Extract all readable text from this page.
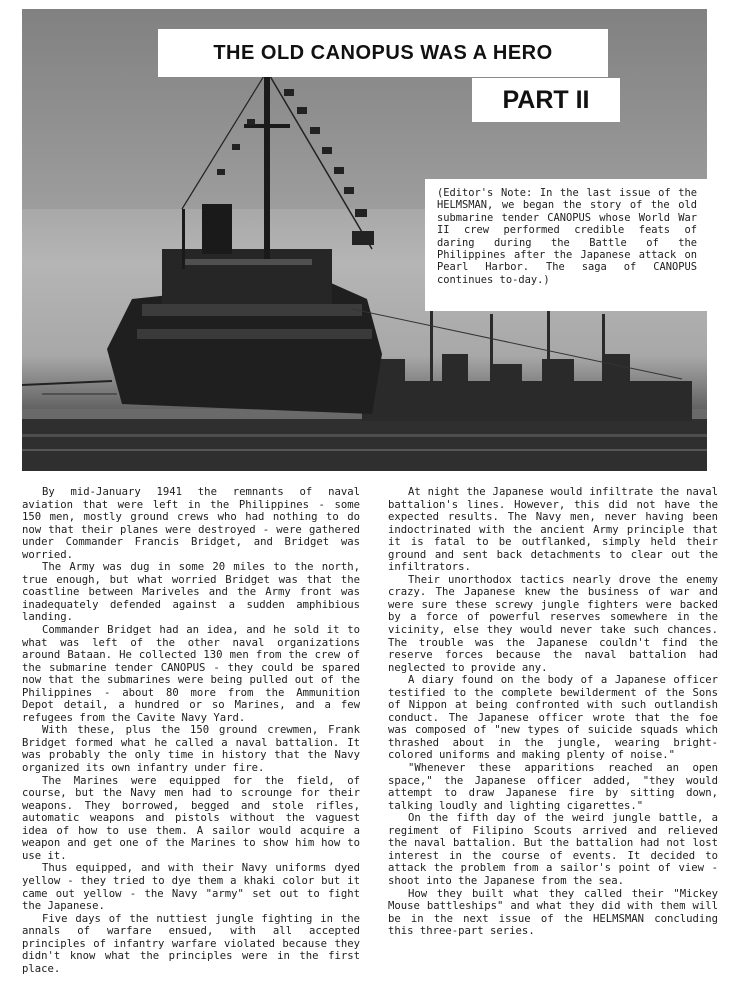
THE OLD CANOPUS WAS A HERO
PART II
(Editor's Note: In the last issue of the HELMSMAN, we began the story of the old submarine tender CANOPUS whose World War II crew performed credible feats of daring during the Battle of the Philippines after the Japanese attack on Pearl Harbor. The saga of CANOPUS continues to-day.)

By mid-January 1941 the remnants of naval aviation that were left in the Philippines - some 150 men, mostly ground crews who had nothing to do now that their planes were destroyed - were gathered under Commander Francis Bridget, and Bridget was worried.

The Army was dug in some 20 miles to the north, true enough, but what worried Bridget was that the coastline between Mariveles and the Army front was inadequately defended against a sudden amphibious landing.

Commander Bridget had an idea, and he sold it to what was left of the other naval organizations around Bataan. He collected 130 men from the crew of the submarine tender CANOPUS - they could be spared now that the submarines were being pulled out of the Philippines - about 80 more from the Ammunition Depot detail, a hundred or so Marines, and a few refugees from the Cavite Navy Yard.

With these, plus the 150 ground crewmen, Frank Bridget formed what he called a naval battalion. It was probably the only time in history that the Navy organized its own infantry under fire.

The Marines were equipped for the field, of course, but the Navy men had to scrounge for their weapons. They borrowed, begged and stole rifles, automatic weapons and pistols without the vaguest idea of how to use them. A sailor would acquire a weapon and get one of the Marines to show him how to use it.

Thus equipped, and with their Navy uniforms dyed yellow - they tried to dye them a khaki color but it came out yellow - the Navy "army" set out to fight the Japanese.

Five days of the nuttiest jungle fighting in the annals of warfare ensued, with all accepted principles of infantry warfare violated because they didn't know what the principles were in the first place.

At night the Japanese would infiltrate the naval battalion's lines. However, this did not have the expected results. The Navy men, never having been indoctrinated with the ancient Army principle that it is fatal to be outflanked, simply held their ground and sent back detachments to clear out the infiltrators.

Their unorthodox tactics nearly drove the enemy crazy. The Japanese knew the business of war and were sure these screwy jungle fighters were backed by a force of powerful reserves somewhere in the vicinity, else they would never take such chances. The trouble was the Japanese couldn't find the reserve forces because the naval battalion had neglected to provide any.

A diary found on the body of a Japanese officer testified to the complete bewilderment of the Sons of Nippon at being confronted with such outlandish conduct. The Japanese officer wrote that the foe was composed of "new types of suicide squads which thrashed about in the jungle, wearing bright-colored uniforms and making plenty of noise."

"Whenever these apparitions reached an open space," the Japanese officer added, "they would attempt to draw Japanese fire by sitting down, talking loudly and lighting cigarettes."

On the fifth day of the weird jungle battle, a regiment of Filipino Scouts arrived and relieved the naval battalion. But the battalion had not lost interest in the course of events. It decided to attack the problem from a sailor's point of view - shoot into the Japanese from the sea.

How they built what they called their "Mickey Mouse battleships" and what they did with them will be in the next issue of the HELMSMAN concluding this three-part series.
